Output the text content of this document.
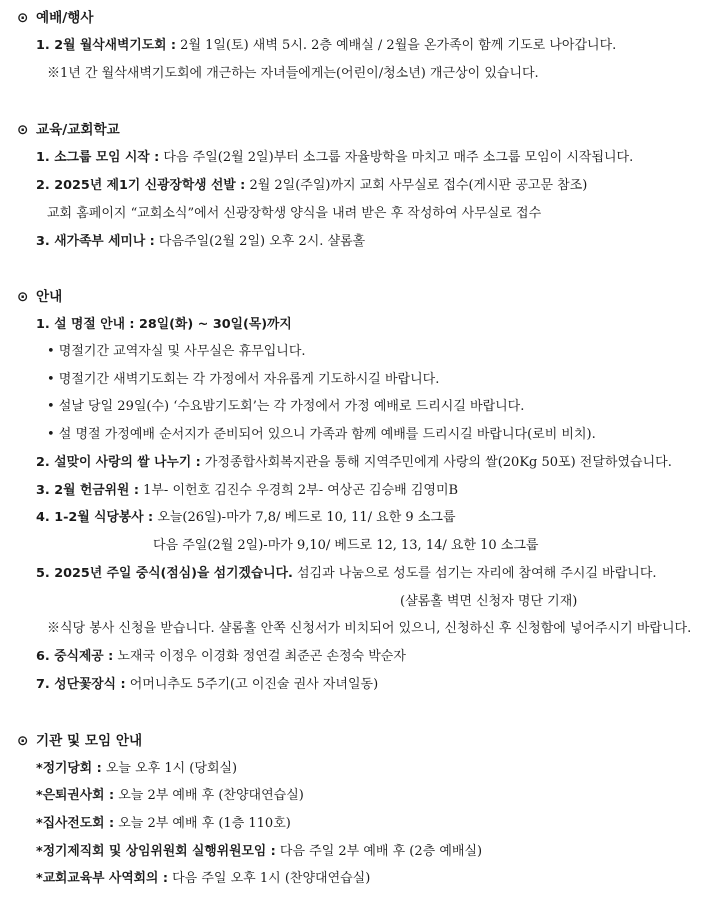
⊙ 예배/행사
1. 2월 월삭새벽기도회 : 2월 1일(토) 새벽 5시. 2층 예배실 / 2월을 온가족이 함께 기도로 나아갑니다.
※1년 간 월삭새벽기도회에 개근하는 자녀들에게는(어린이/청소년) 개근상이 있습니다.
⊙ 교육/교회학교
1. 소그룹 모임 시작 : 다음 주일(2월 2일)부터 소그룹 자율방학을 마치고 매주 소그룹 모임이 시작됩니다.
2. 2025년 제1기 신광장학생 선발 : 2월 2일(주일)까지 교회 사무실로 접수(게시판 공고문 참조)
교회 홈페이지 “교회소식”에서 신광장학생 양식을 내려 받은 후 작성하여 사무실로 접수
3. 새가족부 세미나 : 다음주일(2월 2일) 오후 2시. 샬롬홀
⊙ 안내
1. 설 명절 안내 : 28일(화) ~ 30일(목)까지
• 명절기간 교역자실 및 사무실은 휴무입니다.
• 명절기간 새벽기도회는 각 가정에서 자유롭게 기도하시길 바랍니다.
• 설날 당일 29일(수) ‘수요밤기도회’는 각 가정에서 가정 예배로 드리시길 바랍니다.
• 설 명절 가정예배 순서지가 준비되어 있으니 가족과 함께 예배를 드리시길 바랍니다(로비 비치).
2. 설맞이 사랑의 쌀 나누기 : 가정종합사회복지관을 통해 지역주민에게 사랑의 쌀(20Kg 50포) 전달하였습니다.
3. 2월 헌금위원 : 1부- 이헌호 김진수 우경희 2부- 여상곤 김승배 김영미B
4. 1-2월 식당봉사 : 오늘(26일)-마가 7,8/ 베드로 10, 11/ 요한 9 소그룹
다음 주일(2월 2일)-마가 9,10/ 베드로 12, 13, 14/ 요한 10 소그룹
5. 2025년 주일 중식(점심)을 섬기겠습니다. 섬김과 나눔으로 성도를 섬기는 자리에 참여해 주시길 바랍니다.
(샬롬홀 벽면 신청자 명단 기재)
※식당 봉사 신청을 받습니다. 샬롬홀 안쪽 신청서가 비치되어 있으니, 신청하신 후 신청함에 넣어주시기 바랍니다.
6. 중식제공 : 노재국 이정우 이경화 정연걸 최준곤 손정숙 박순자
7. 성단꽃장식 : 어머니추도 5주기(고 이진술 권사 자녀일동)
⊙ 기관 및 모임 안내
*정기당회 : 오늘 오후 1시 (당회실)
*은퇴권사회 : 오늘 2부 예배 후 (찬양대연습실)
*집사전도회 : 오늘 2부 예배 후 (1층 110호)
*정기제직회 및 상임위원회 실행위원모임 : 다음 주일 2부 예배 후 (2층 예배실)
*교회교육부 사역회의 : 다음 주일 오후 1시 (찬양대연습실)
